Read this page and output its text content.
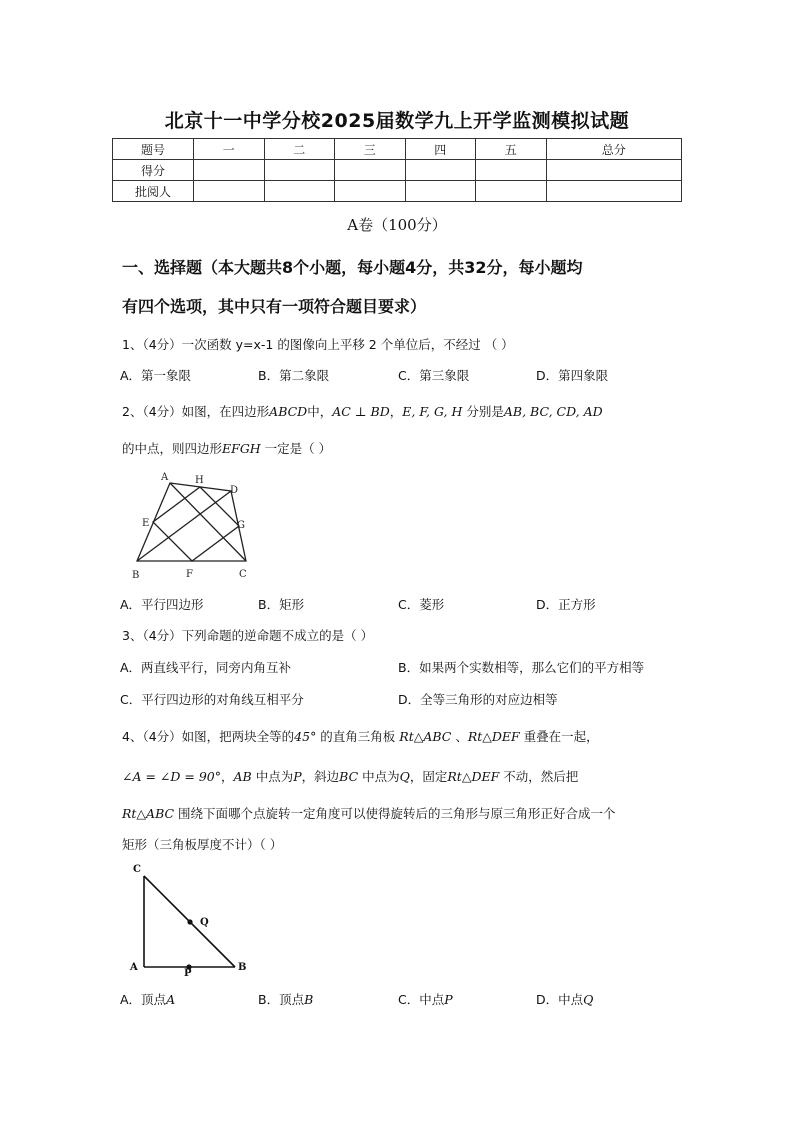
北京十一中学分校2025届数学九上开学监测模拟试题
题号	一	二	三	四	五	总分
得分						
批阅人						
A卷（100分）
一、选择题（本大题共8个小题，每小题4分，共32分，每小题均
有四个选项，其中只有一项符合题目要求）
1、（4分）一次函数 y=x-1 的图像向上平移 2 个单位后，不经过 （ ）
A．第一象限	B．第二象限	C．第三象限	D．第四象限
2、（4分）如图，在四边形ABCD中，AC ⊥ BD，E, F, G, H 分别是AB, BC, CD, AD
的中点，则四边形EFGH 一定是（ ）
A	H
D
E	G
B	F	C
A．平行四边形	B．矩形	C．菱形	D．正方形
3、（4分）下列命题的逆命题不成立的是（ ）
A．两直线平行，同旁内角互补	B．如果两个实数相等，那么它们的平方相等
C．平行四边形的对角线互相平分	D．全等三角形的对应边相等
4、（4分）如图，把两块全等的45° 的直角三角板 Rt△ABC 、Rt△DEF 重叠在一起，
∠A = ∠D = 90°，AB 中点为P，斜边BC 中点为Q，固定Rt△DEF 不动，然后把
Rt△ABC 围绕下面哪个点旋转一定角度可以使得旋转后的三角形与原三角形正好合成一个
矩形（三角板厚度不计）（ ）
C
Q
A
P
B
A．顶点A	B．顶点B	C．中点P	D．中点Q
